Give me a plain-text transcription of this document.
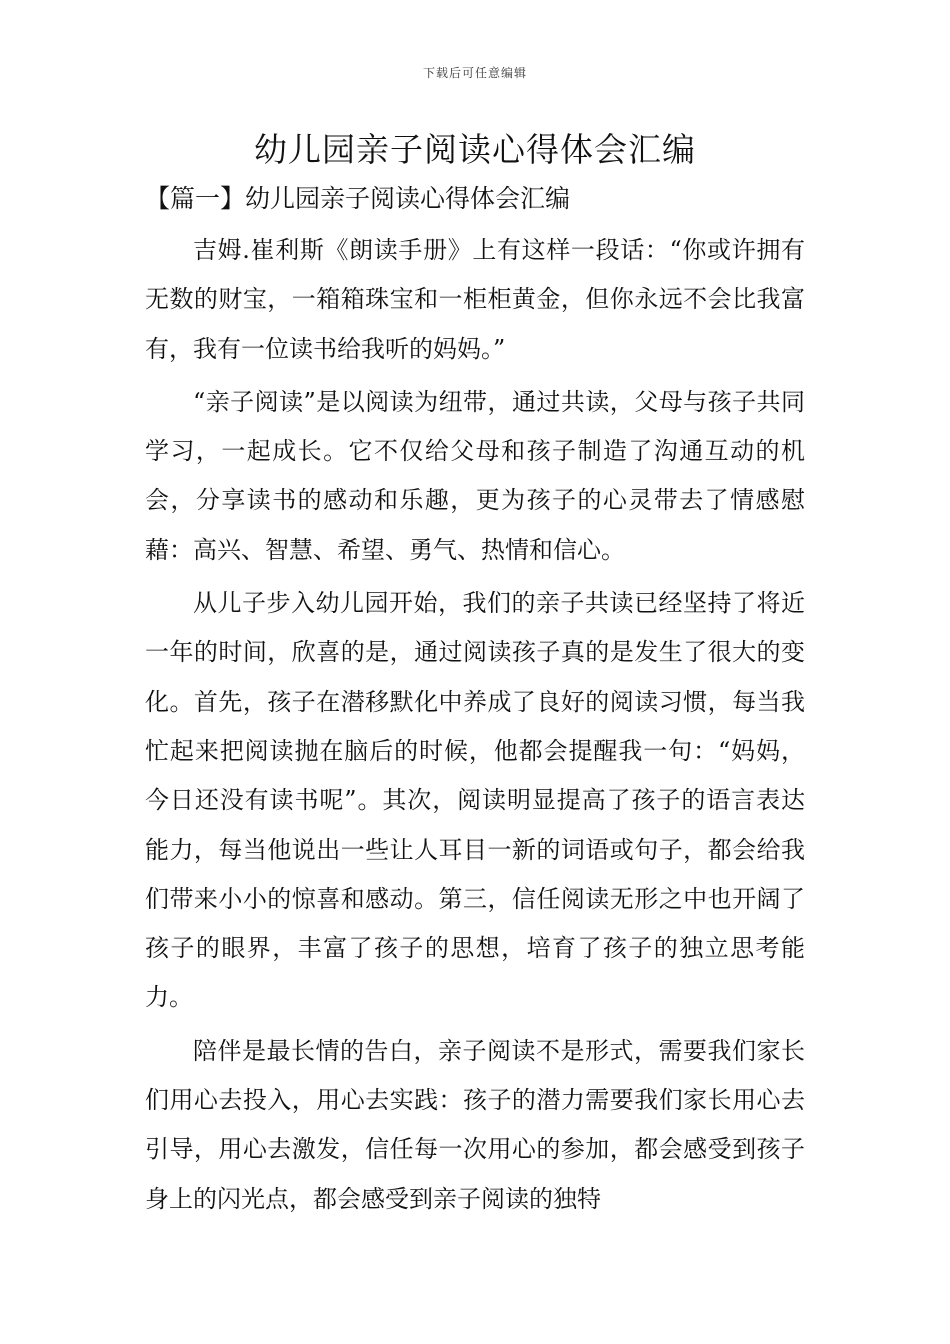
下载后可任意编辑
幼儿园亲子阅读心得体会汇编
【篇一】幼儿园亲子阅读心得体会汇编

吉姆.崔利斯《朗读手册》上有这样一段话：“你或许拥有无数的财宝，一箱箱珠宝和一柜柜黄金，但你永远不会比我富有，我有一位读书给我听的妈妈。”

“亲子阅读”是以阅读为纽带，通过共读，父母与孩子共同学习，一起成长。它不仅给父母和孩子制造了沟通互动的机会，分享读书的感动和乐趣，更为孩子的心灵带去了情感慰藉：高兴、智慧、希望、勇气、热情和信心。

从儿子步入幼儿园开始，我们的亲子共读已经坚持了将近一年的时间，欣喜的是，通过阅读孩子真的是发生了很大的变化。首先，孩子在潜移默化中养成了良好的阅读习惯，每当我忙起来把阅读抛在脑后的时候，他都会提醒我一句：“妈妈，今日还没有读书呢”。其次，阅读明显提高了孩子的语言表达能力，每当他说出一些让人耳目一新的词语或句子，都会给我们带来小小的惊喜和感动。第三，信任阅读无形之中也开阔了孩子的眼界，丰富了孩子的思想，培育了孩子的独立思考能力。

陪伴是最长情的告白，亲子阅读不是形式，需要我们家长们用心去投入，用心去实践：孩子的潜力需要我们家长用心去引导，用心去激发，信任每一次用心的参加，都会感受到孩子身上的闪光点，都会感受到亲子阅读的独特
